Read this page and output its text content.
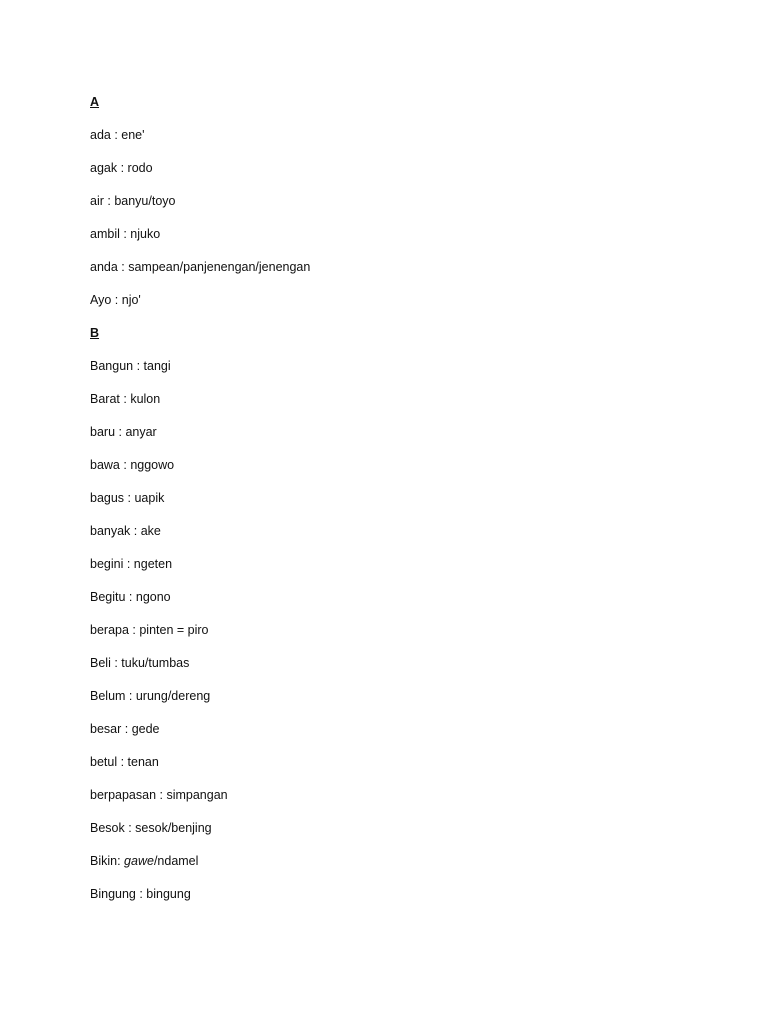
A
ada : ene'
agak : rodo
air : banyu/toyo
ambil : njuko
anda : sampean/panjenengan/jenengan
Ayo : njo'
B
Bangun : tangi
Barat : kulon
baru : anyar
bawa : nggowo
bagus : uapik
banyak : ake
begini : ngeten
Begitu : ngono
berapa : pinten = piro
Beli : tuku/tumbas
Belum : urung/dereng
besar : gede
betul : tenan
berpapasan : simpangan
Besok : sesok/benjing
Bikin: gawe/ndamel
Bingung : bingung
